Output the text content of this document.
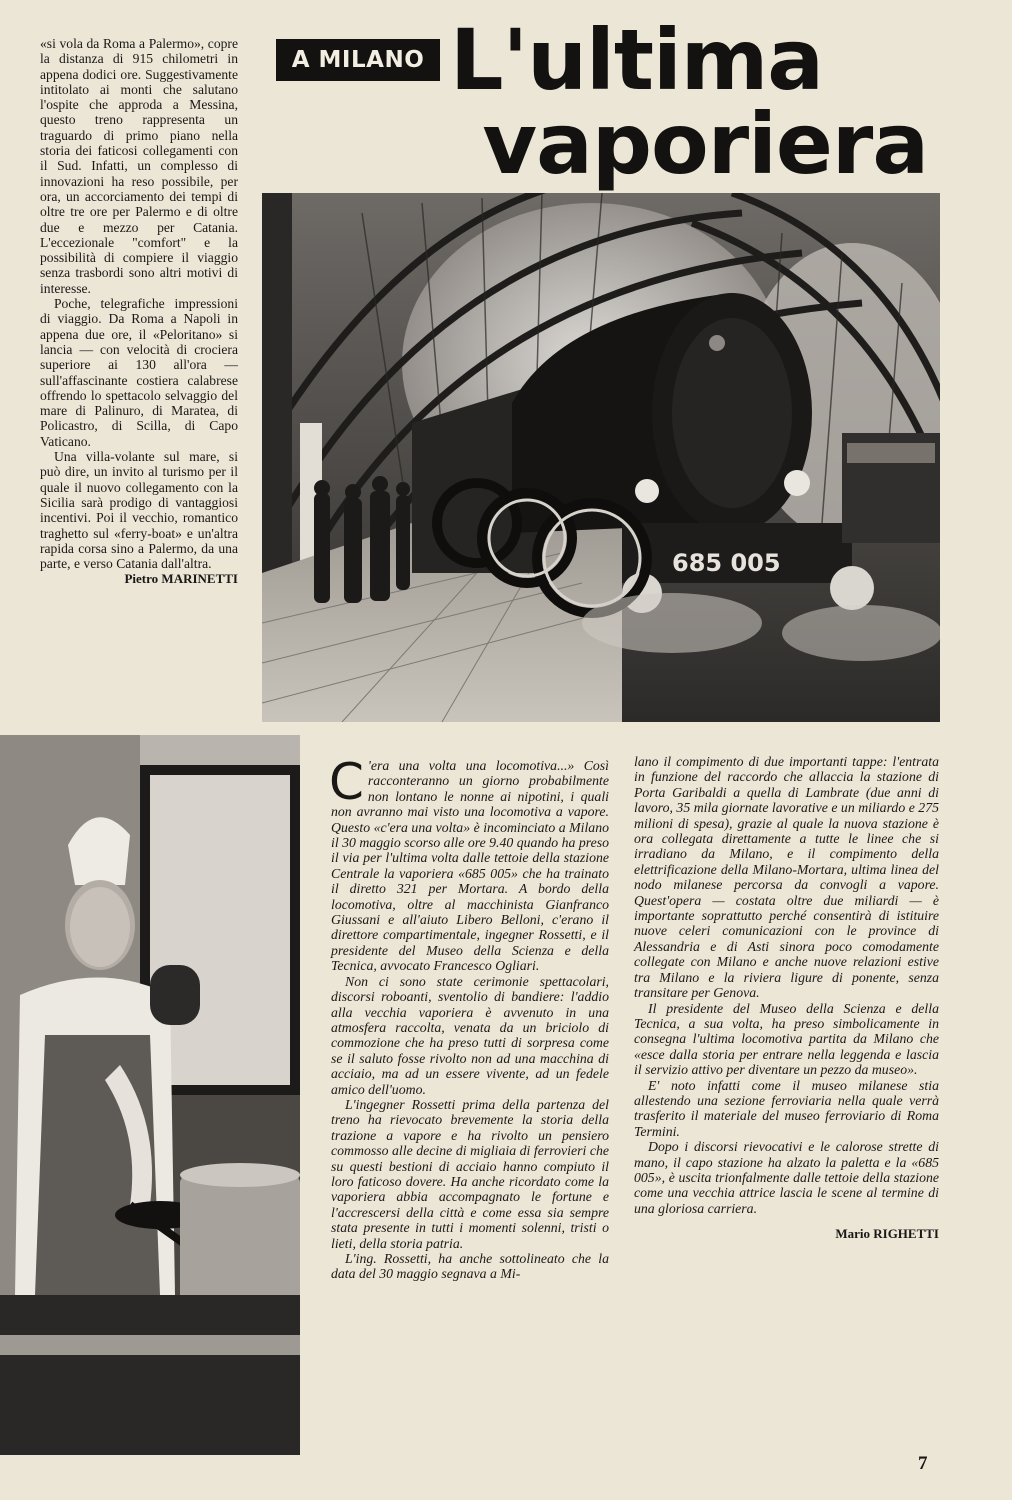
«si vola da Roma a Palermo», copre la distanza di 915 chilometri in appena dodici ore. Suggestivamente intitolato ai monti che salutano l'ospite che approda a Messina, questo treno rappresenta un traguardo di primo piano nella storia dei faticosi collegamenti con il Sud. Infatti, un complesso di innovazioni ha reso possibile, per ora, un accorciamento dei tempi di oltre tre ore per Palermo e di oltre due e mezzo per Catania. L'eccezionale "comfort" e la possibilità di compiere il viaggio senza trasbordi sono altri motivi di interesse.

Poche, telegrafiche impressioni di viaggio. Da Roma a Napoli in appena due ore, il «Peloritano» si lancia — con velocità di crociera superiore ai 130 all'ora — sull'affascinante costiera calabrese offrendo lo spettacolo selvaggio del mare di Palinuro, di Maratea, di Policastro, di Scilla, di Capo Vaticano.

Una villa-volante sul mare, si può dire, un invito al turismo per il quale il nuovo collegamento con la Sicilia sarà prodigo di vantaggiosi incentivi. Poi il vecchio, romantico traghetto sul «ferry-boat» e un'altra rapida corsa sino a Palermo, da una parte, e verso Catania dall'altra.

Pietro MARINETTI

A MILANO L'ultima
vaporiera
685 005

C 'era una volta una locomotiva...» Così racconteranno un giorno probabilmente non lontano le nonne ai nipotini, i quali non avranno mai visto una locomotiva a vapore. Questo «c'era una volta» è incominciato a Milano il 30 maggio scorso alle ore 9.40 quando ha preso il via per l'ultima volta dalle tettoie della stazione Centrale la vaporiera «685 005» che ha trainato il diretto 321 per Mortara. A bordo della locomotiva, oltre al macchinista Gianfranco Giussani e all'aiuto Libero Belloni, c'erano il direttore compartimentale, ingegner Rossetti, e il presidente del Museo della Scienza e della Tecnica, avvocato Francesco Ogliari.

Non ci sono state cerimonie spettacolari, discorsi roboanti, sventolio di bandiere: l'addio alla vecchia vaporiera è avvenuto in una atmosfera raccolta, venata da un briciolo di commozione che ha preso tutti di sorpresa come se il saluto fosse rivolto non ad una macchina di acciaio, ma ad un essere vivente, ad un fedele amico dell'uomo.

L'ingegner Rossetti prima della partenza del treno ha rievocato brevemente la storia della trazione a vapore e ha rivolto un pensiero commosso alle decine di migliaia di ferrovieri che su questi bestioni di acciaio hanno compiuto il loro faticoso dovere. Ha anche ricordato come la vaporiera abbia accompagnato le fortune e l'accrescersi della città e come essa sia sempre stata presente in tutti i momenti solenni, tristi o lieti, della storia patria.

L'ing. Rossetti, ha anche sottolineato che la data del 30 maggio segnava a Mi-

lano il compimento di due importanti tappe: l'entrata in funzione del raccordo che allaccia la stazione di Porta Garibaldi a quella di Lambrate (due anni di lavoro, 35 mila giornate lavorative e un miliardo e 275 milioni di spesa), grazie al quale la nuova stazione è ora collegata direttamente a tutte le linee che si irradiano da Milano, e il compimento della elettrificazione della Milano-Mortara, ultima linea del nodo milanese percorsa da convogli a vapore. Quest'opera — costata oltre due miliardi — è importante soprattutto perché consentirà di istituire nuove celeri comunicazioni con le province di Alessandria e di Asti sinora poco comodamente collegate con Milano e anche nuove relazioni estive tra Milano e la riviera ligure di ponente, senza transitare per Genova.

Il presidente del Museo della Scienza e della Tecnica, a sua volta, ha preso simbolicamente in consegna l'ultima locomotiva partita da Milano che «esce dalla storia per entrare nella leggenda e lascia il servizio attivo per diventare un pezzo da museo».

E' noto infatti come il museo milanese stia allestendo una sezione ferroviaria nella quale verrà trasferito il materiale del museo ferroviario di Roma Termini.

Dopo i discorsi rievocativi e le calorose strette di mano, il capo stazione ha alzato la paletta e la «685 005», è uscita trionfalmente dalle tettoie della stazione come una vecchia attrice lascia le scene al termine di una gloriosa carriera.

Mario RIGHETTI

7
